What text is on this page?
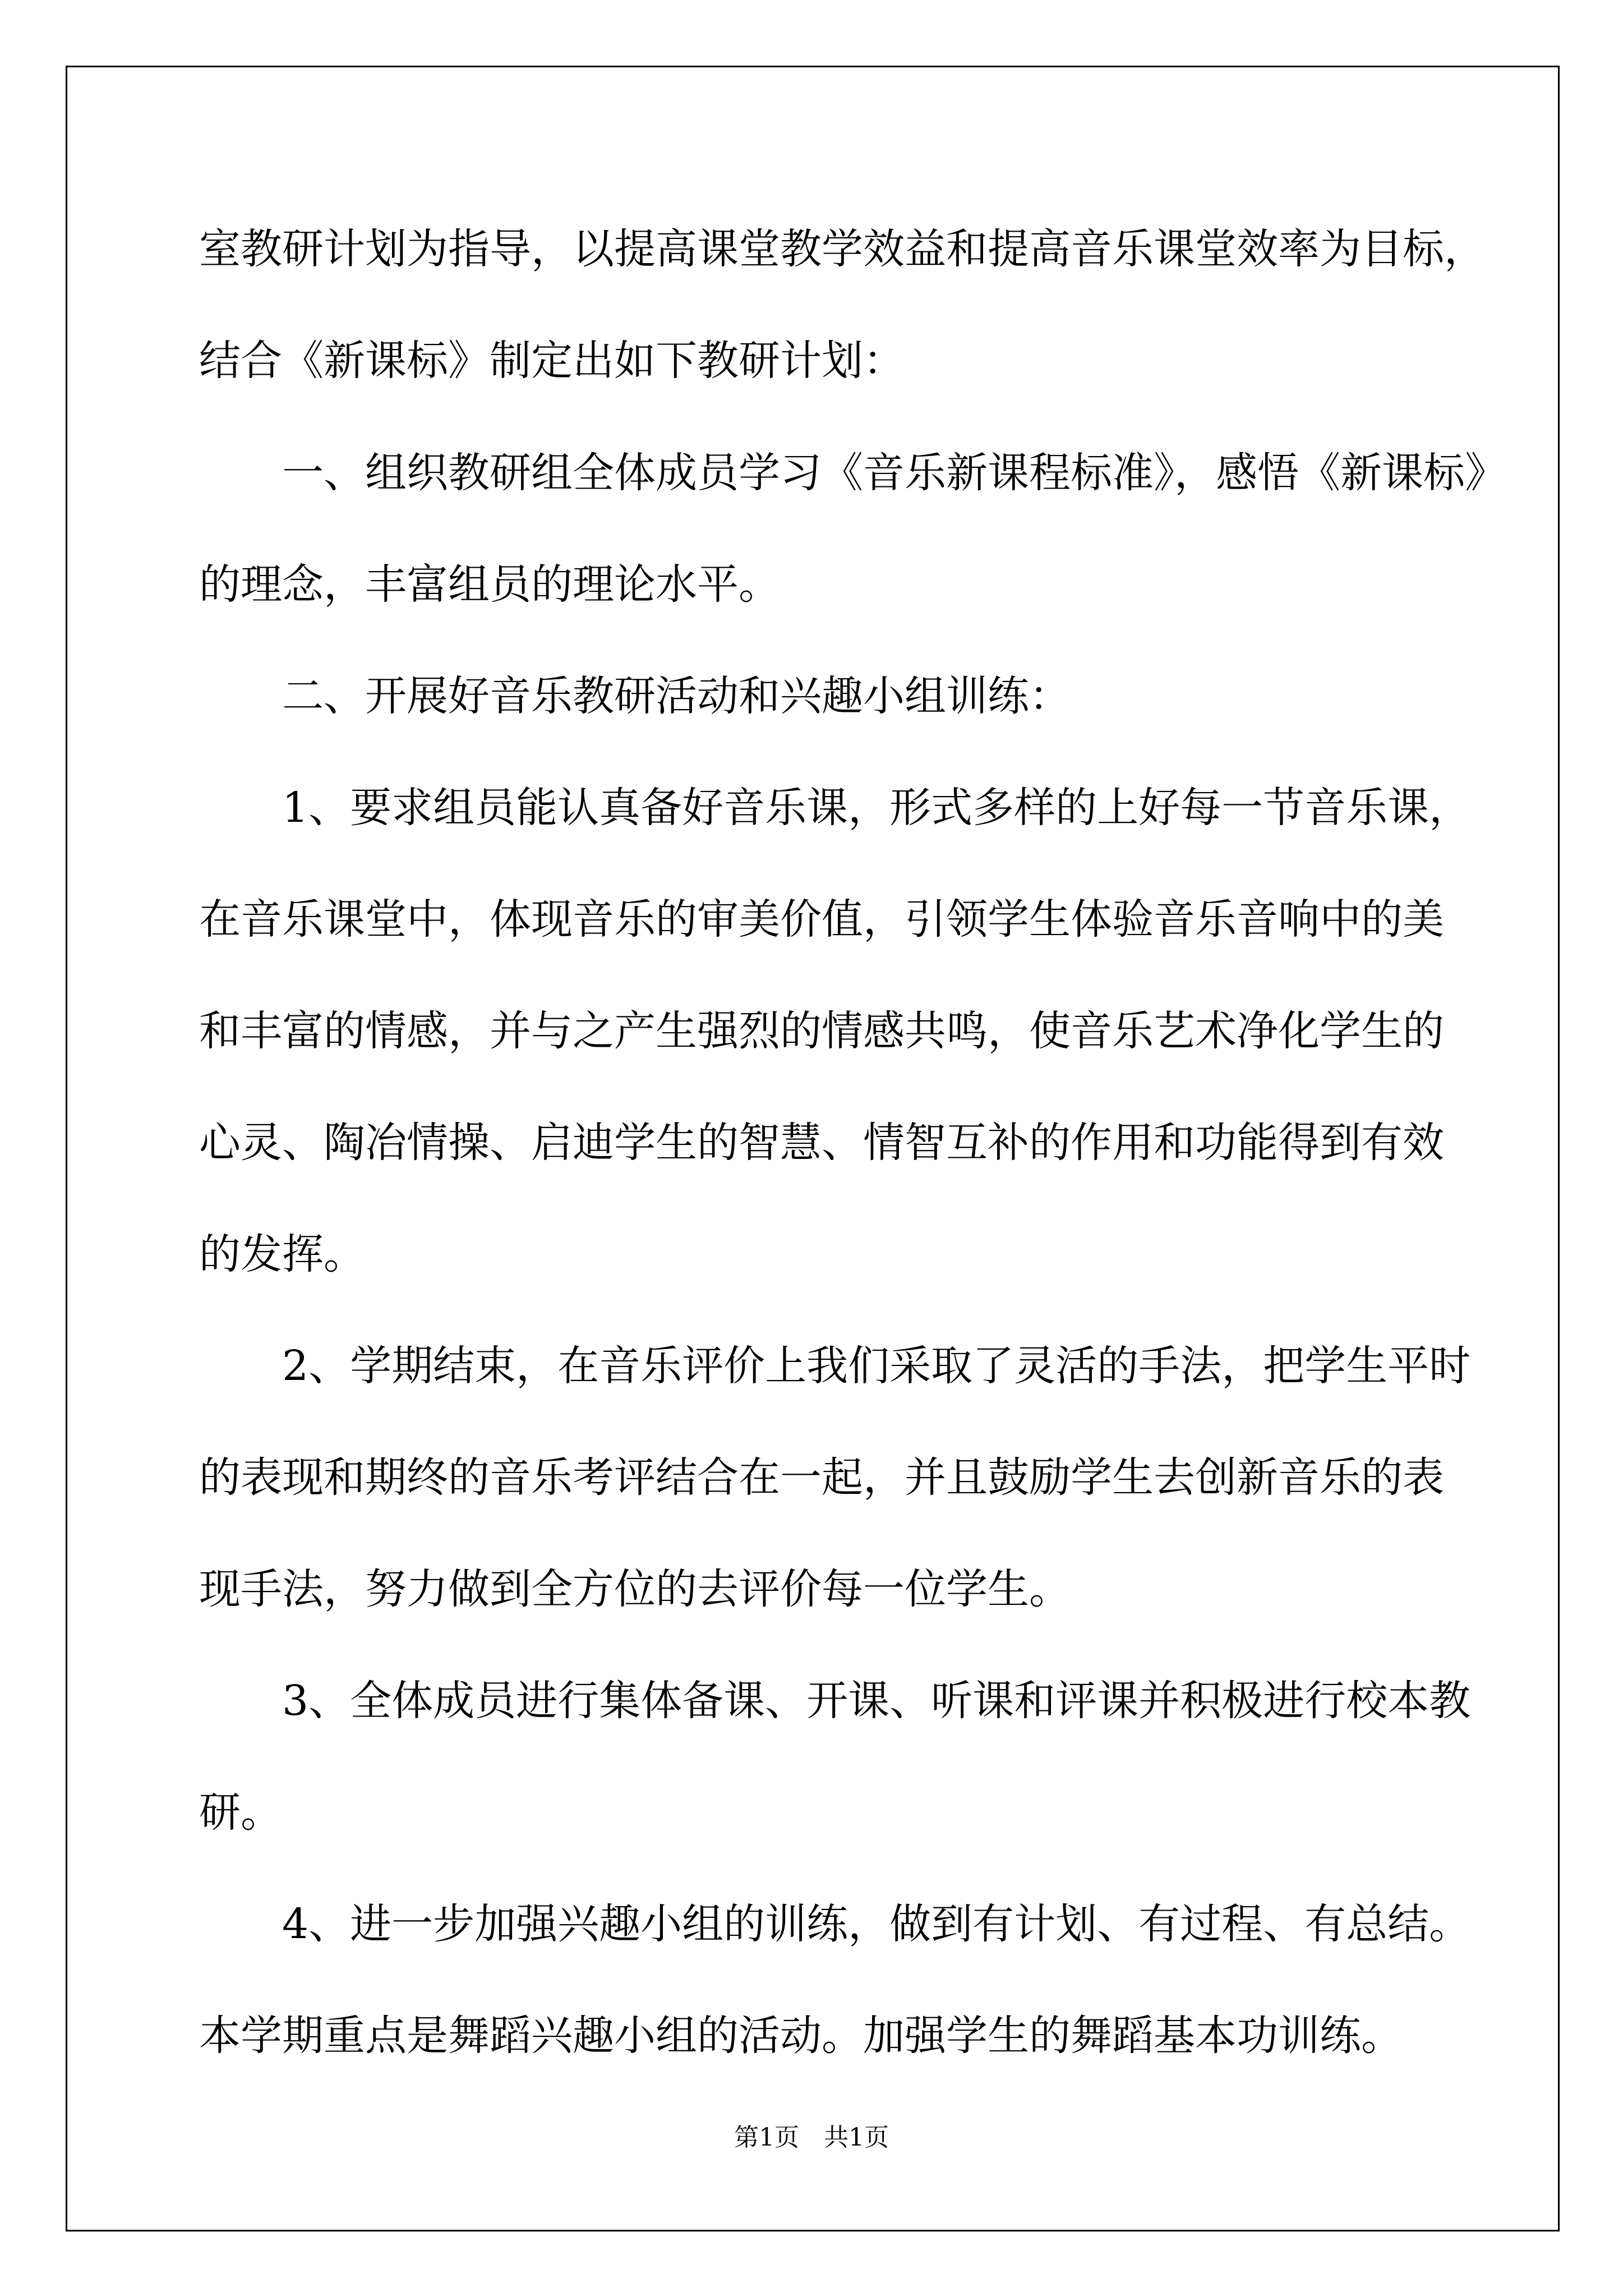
室教研计划为指导，以提高课堂教学效益和提高音乐课堂效率为目标，

结合《新课标》制定出如下教研计划：

一、组织教研组全体成员学习《音乐新课程标准》，感悟《新课标》

的理念，丰富组员的理论水平。

二、开展好音乐教研活动和兴趣小组训练：

1、要求组员能认真备好音乐课，形式多样的上好每一节音乐课，

在音乐课堂中，体现音乐的审美价值，引领学生体验音乐音响中的美

和丰富的情感，并与之产生强烈的情感共鸣，使音乐艺术净化学生的

心灵、陶冶情操、启迪学生的智慧、情智互补的作用和功能得到有效

的发挥。

2、学期结束，在音乐评价上我们采取了灵活的手法，把学生平时

的表现和期终的音乐考评结合在一起，并且鼓励学生去创新音乐的表

现手法，努力做到全方位的去评价每一位学生。

3、全体成员进行集体备课、开课、听课和评课并积极进行校本教

研。

4、进一步加强兴趣小组的训练，做到有计划、有过程、有总结。

本学期重点是舞蹈兴趣小组的活动。加强学生的舞蹈基本功训练。

第1页 共1页
